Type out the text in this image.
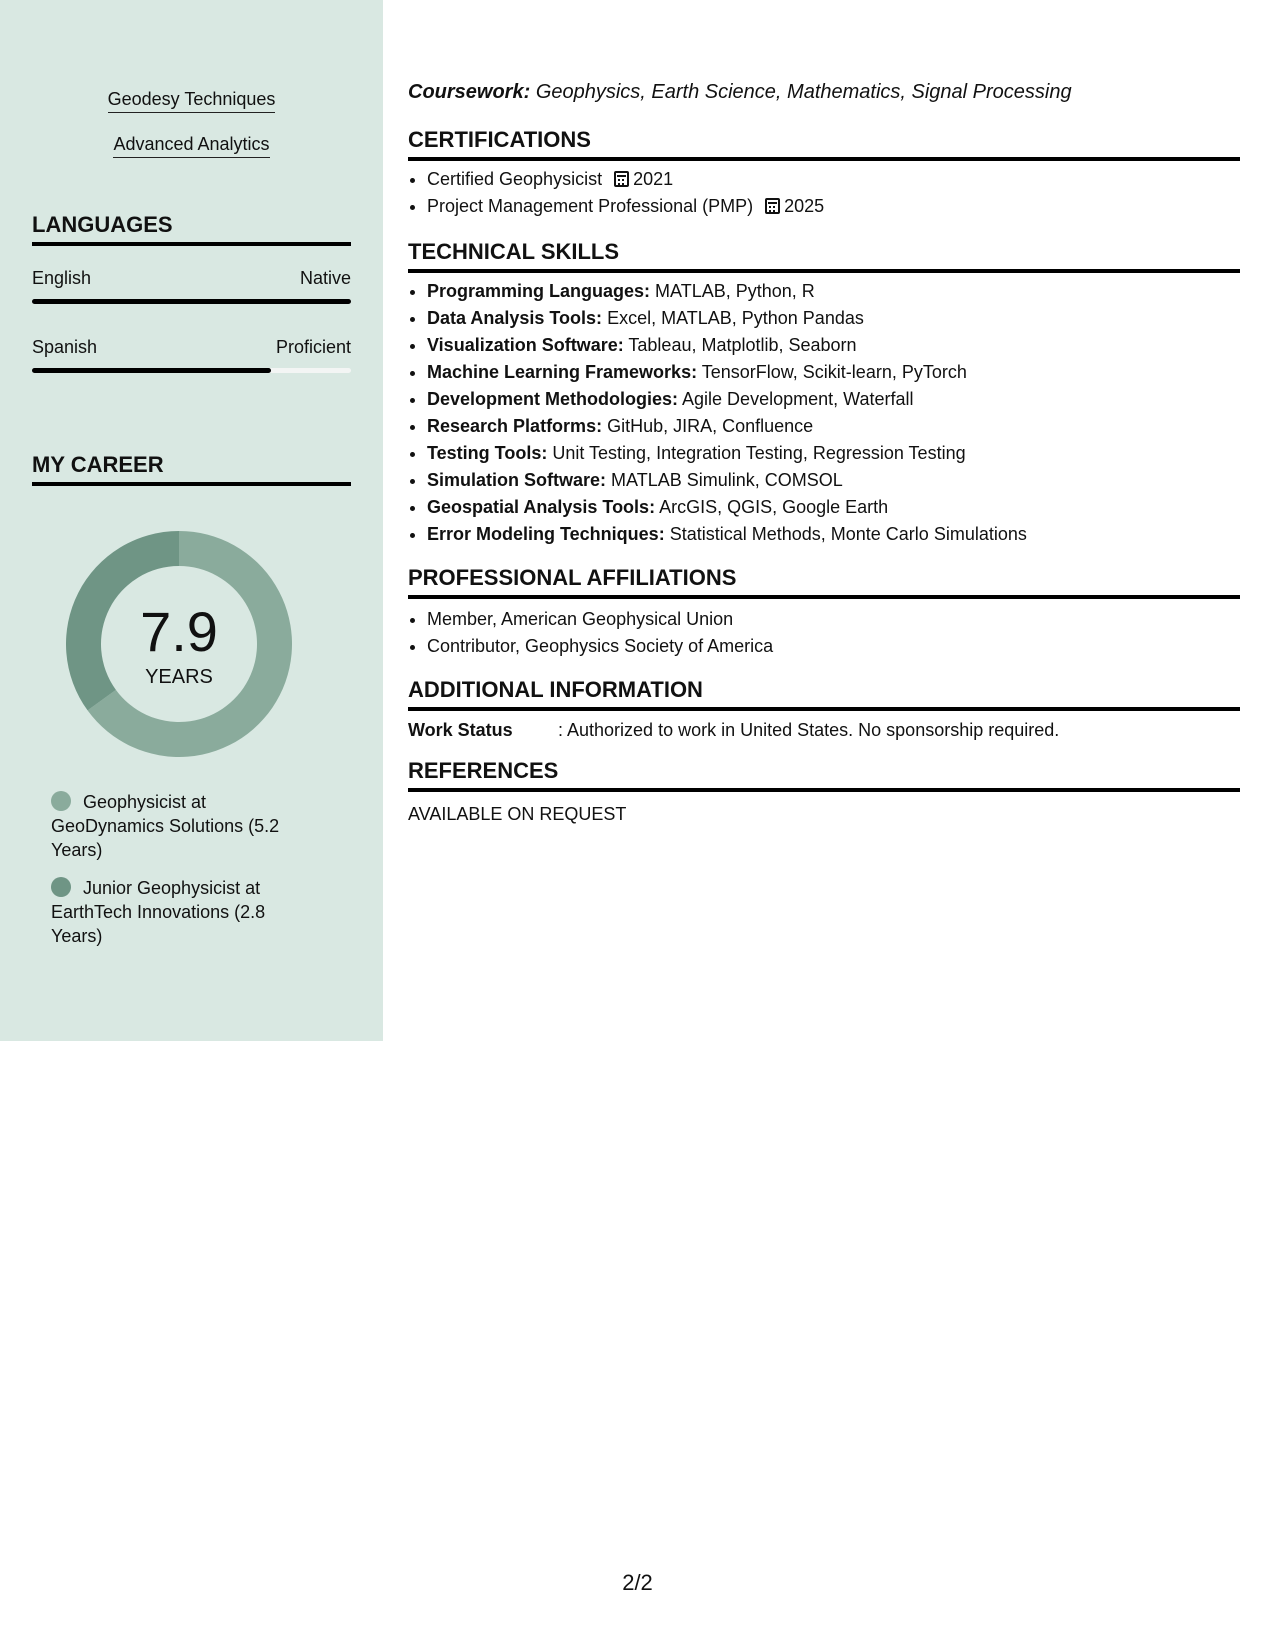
Geodesy Techniques
Advanced Analytics
LANGUAGES
English	Native
Spanish	Proficient
MY CAREER
7.9
YEARS
Geophysicist at GeoDynamics Solutions (5.2 Years)
Junior Geophysicist at EarthTech Innovations (2.8 Years)
Coursework: Geophysics, Earth Science, Mathematics, Signal Processing
CERTIFICATIONS
• Certified Geophysicist 2021
• Project Management Professional (PMP) 2025
TECHNICAL SKILLS
• Programming Languages: MATLAB, Python, R
• Data Analysis Tools: Excel, MATLAB, Python Pandas
• Visualization Software: Tableau, Matplotlib, Seaborn
• Machine Learning Frameworks: TensorFlow, Scikit-learn, PyTorch
• Development Methodologies: Agile Development, Waterfall
• Research Platforms: GitHub, JIRA, Confluence
• Testing Tools: Unit Testing, Integration Testing, Regression Testing
• Simulation Software: MATLAB Simulink, COMSOL
• Geospatial Analysis Tools: ArcGIS, QGIS, Google Earth
• Error Modeling Techniques: Statistical Methods, Monte Carlo Simulations
PROFESSIONAL AFFILIATIONS
• Member, American Geophysical Union
• Contributor, Geophysics Society of America
ADDITIONAL INFORMATION
Work Status	: Authorized to work in United States. No sponsorship required.
REFERENCES
AVAILABLE ON REQUEST
2/2
